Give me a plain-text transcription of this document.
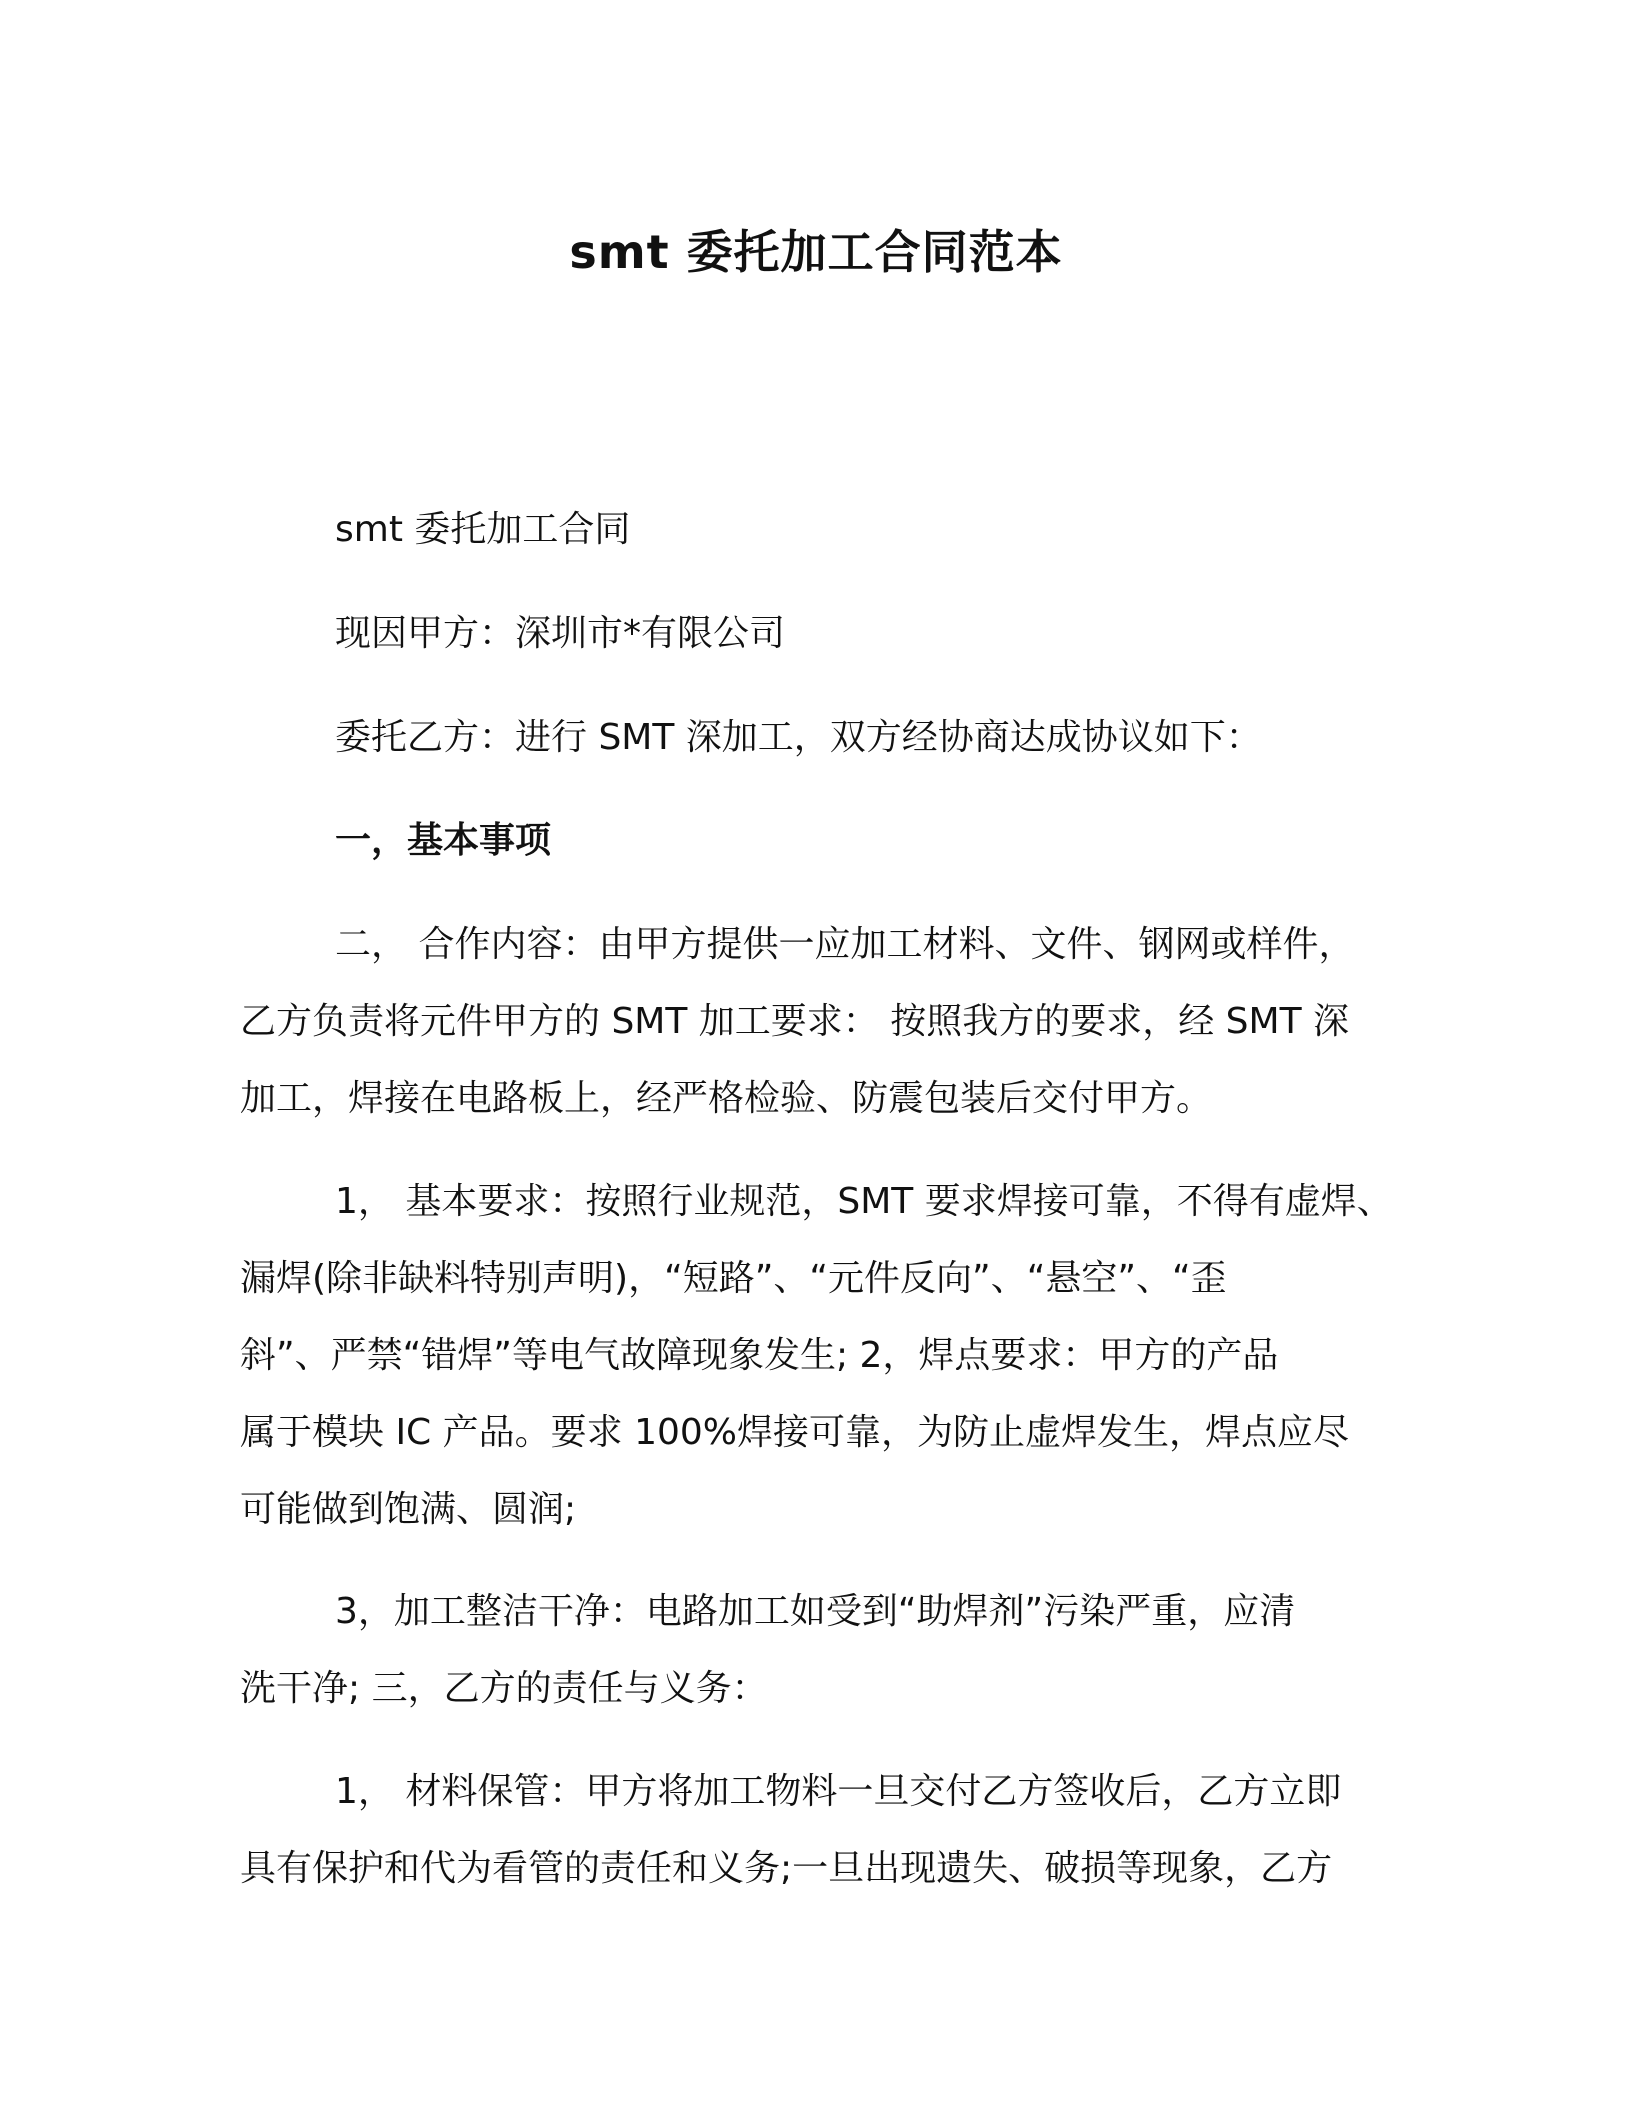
smt 委托加工合同范本

smt 委托加工合同

现因甲方：深圳市*有限公司

委托乙方：进行 SMT 深加工，双方经协商达成协议如下：

一，基本事项

二， 合作内容：由甲方提供一应加工材料、文件、钢网或样件，
乙方负责将元件甲方的 SMT 加工要求： 按照我方的要求，经 SMT 深
加工，焊接在电路板上，经严格检验、防震包装后交付甲方。

1， 基本要求：按照行业规范，SMT 要求焊接可靠，不得有虚焊、
漏焊(除非缺料特别声明)，“短路”、“元件反向”、“悬空”、“歪
斜”、严禁“错焊”等电气故障现象发生; 2，焊点要求：甲方的产品
属于模块 IC 产品。要求 100%焊接可靠，为防止虚焊发生，焊点应尽
可能做到饱满、圆润;

3，加工整洁干净：电路加工如受到“助焊剂”污染严重，应清
洗干净; 三，乙方的责任与义务：

1， 材料保管：甲方将加工物料一旦交付乙方签收后，乙方立即
具有保护和代为看管的责任和义务;一旦出现遗失、破损等现象，乙方
